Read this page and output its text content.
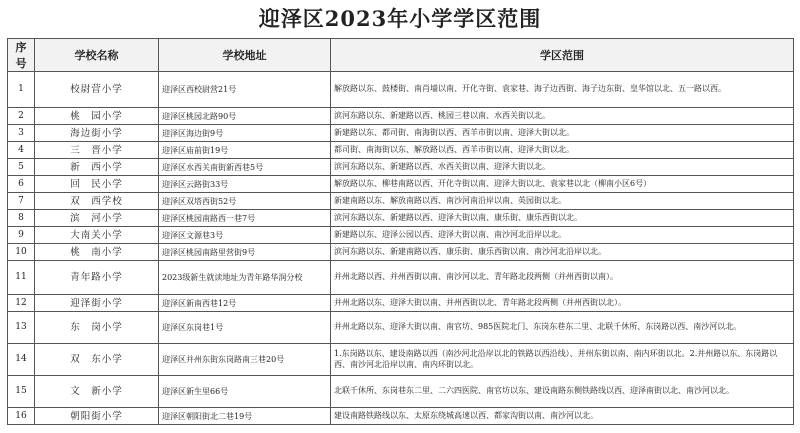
迎泽区2023年小学学区范围
序号	学校名称	学校地址	学区范围
1	校尉营小学	迎泽区西校尉营21号	解放路以东、鼓楼街、南肖墙以南、开化寺街、袁家巷、海子边西街、海子边东街、皇华馆以北、五一路以西。
2	桃　园小学	迎泽区桃园北路90号	滨河东路以东、新建路以西、桃园三巷以南、水西关街以北。
3	海边街小学	迎泽区海边街9号	新建路以东、都司街、南海街以西、西羊市街以南、迎泽大街以北。
4	三　晋小学	迎泽区庙前街19号	都司街、南海街以东、解放路以西、西羊市街以南、迎泽大街以北。
5	新　西小学	迎泽区水西关南街新西巷5号	滨河东路以东、新建路以西、水西关街以南、迎泽大街以北。
6	回　民小学	迎泽区云路街33号	解放路以东、柳巷南路以西、开化寺街以南、迎泽大街以北、袁家巷以北（柳南小区6号）
7	双　西学校	迎泽区双塔西街52号	新建南路以东、解放南路以西、南沙河南沿岸以南、英园街以北。
8	滨　河小学	迎泽区桃园南路西一巷7号	滨河东路以东、新建路以西、迎泽大街以南、康乐街、康乐西街以北。
9	大南关小学	迎泽区文源巷3号	新建路以东、迎泽公园以西、迎泽大街以南、南沙河北沿岸以北。
10	桃　南小学	迎泽区桃园南路里营街9号	滨河东路以东、新建南路以西、康乐街、康乐西街以南、南沙河北沿岸以北。
11	青年路小学	2023级新生就读地址为青年路华润分校	并州北路以西、并州西街以南、南沙河以北、青年路北段两侧（并州西街以南）。
12	迎泽街小学	迎泽区新南西巷12号	并州北路以东、迎泽大街以南、并州西街以北、青年路北段两侧（并州西街以北）。
13	东　岗小学	迎泽区东岗巷1号	并州北路以东、迎泽大街以南、南官坊、985医院北门、东岗东巷东二里、北联千休所、东岗路以西、南沙河以北。
14	双　东小学	迎泽区并州东街东岗路南三巷20号	1.东岗路以东、建设南路以西（南沙河北沿岸以北的铁路以西沿线）、并州东街以南、南内环街以北。2.并州路以东、东岗路以西、南沙河北沿岸以南、南内环街以北。
15	文　新小学	迎泽区新生里66号	北联千休所、东岗巷东二里、二六四医院、南官坊以东、建设南路东侧铁路线以西、迎泽南街以北、南沙河以北。
16	朝阳街小学	迎泽区朝阳街北二巷19号	建设南路铁路线以东、太原东绕城高速以西、都家沟街以南、南沙河以北。
